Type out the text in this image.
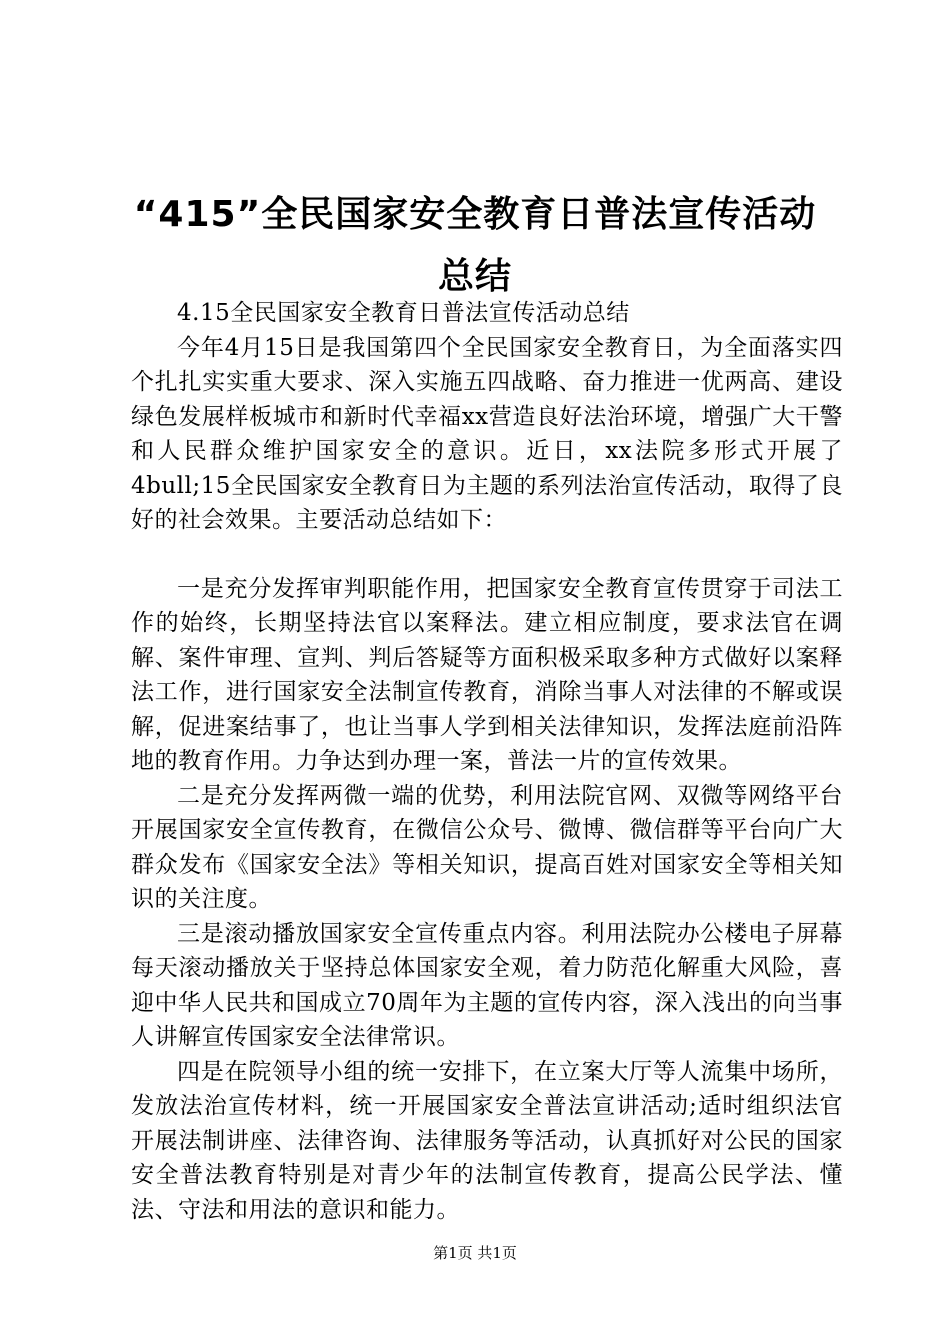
“415”全民国家安全教育日普法宣传活动总结

4.15全民国家安全教育日普法宣传活动总结

今年4月15日是我国第四个全民国家安全教育日，为全面落实四个扎扎实实重大要求、深入实施五四战略、奋力推进一优两高、建设绿色发展样板城市和新时代幸福xx营造良好法治环境，增强广大干警和人民群众维护国家安全的意识。近日，xx法院多形式开展了4bull;15全民国家安全教育日为主题的系列法治宣传活动，取得了良好的社会效果。主要活动总结如下：

一是充分发挥审判职能作用，把国家安全教育宣传贯穿于司法工作的始终，长期坚持法官以案释法。建立相应制度，要求法官在调解、案件审理、宣判、判后答疑等方面积极采取多种方式做好以案释法工作，进行国家安全法制宣传教育，消除当事人对法律的不解或误解，促进案结事了，也让当事人学到相关法律知识，发挥法庭前沿阵地的教育作用。力争达到办理一案，普法一片的宣传效果。

二是充分发挥两微一端的优势，利用法院官网、双微等网络平台开展国家安全宣传教育，在微信公众号、微博、微信群等平台向广大群众发布《国家安全法》等相关知识，提高百姓对国家安全等相关知识的关注度。

三是滚动播放国家安全宣传重点内容。利用法院办公楼电子屏幕每天滚动播放关于坚持总体国家安全观，着力防范化解重大风险，喜迎中华人民共和国成立70周年为主题的宣传内容，深入浅出的向当事人讲解宣传国家安全法律常识。

四是在院领导小组的统一安排下，在立案大厅等人流集中场所，发放法治宣传材料，统一开展国家安全普法宣讲活动;适时组织法官开展法制讲座、法律咨询、法律服务等活动，认真抓好对公民的国家安全普法教育特别是对青少年的法制宣传教育，提高公民学法、懂法、守法和用法的意识和能力。

第1页 共1页
